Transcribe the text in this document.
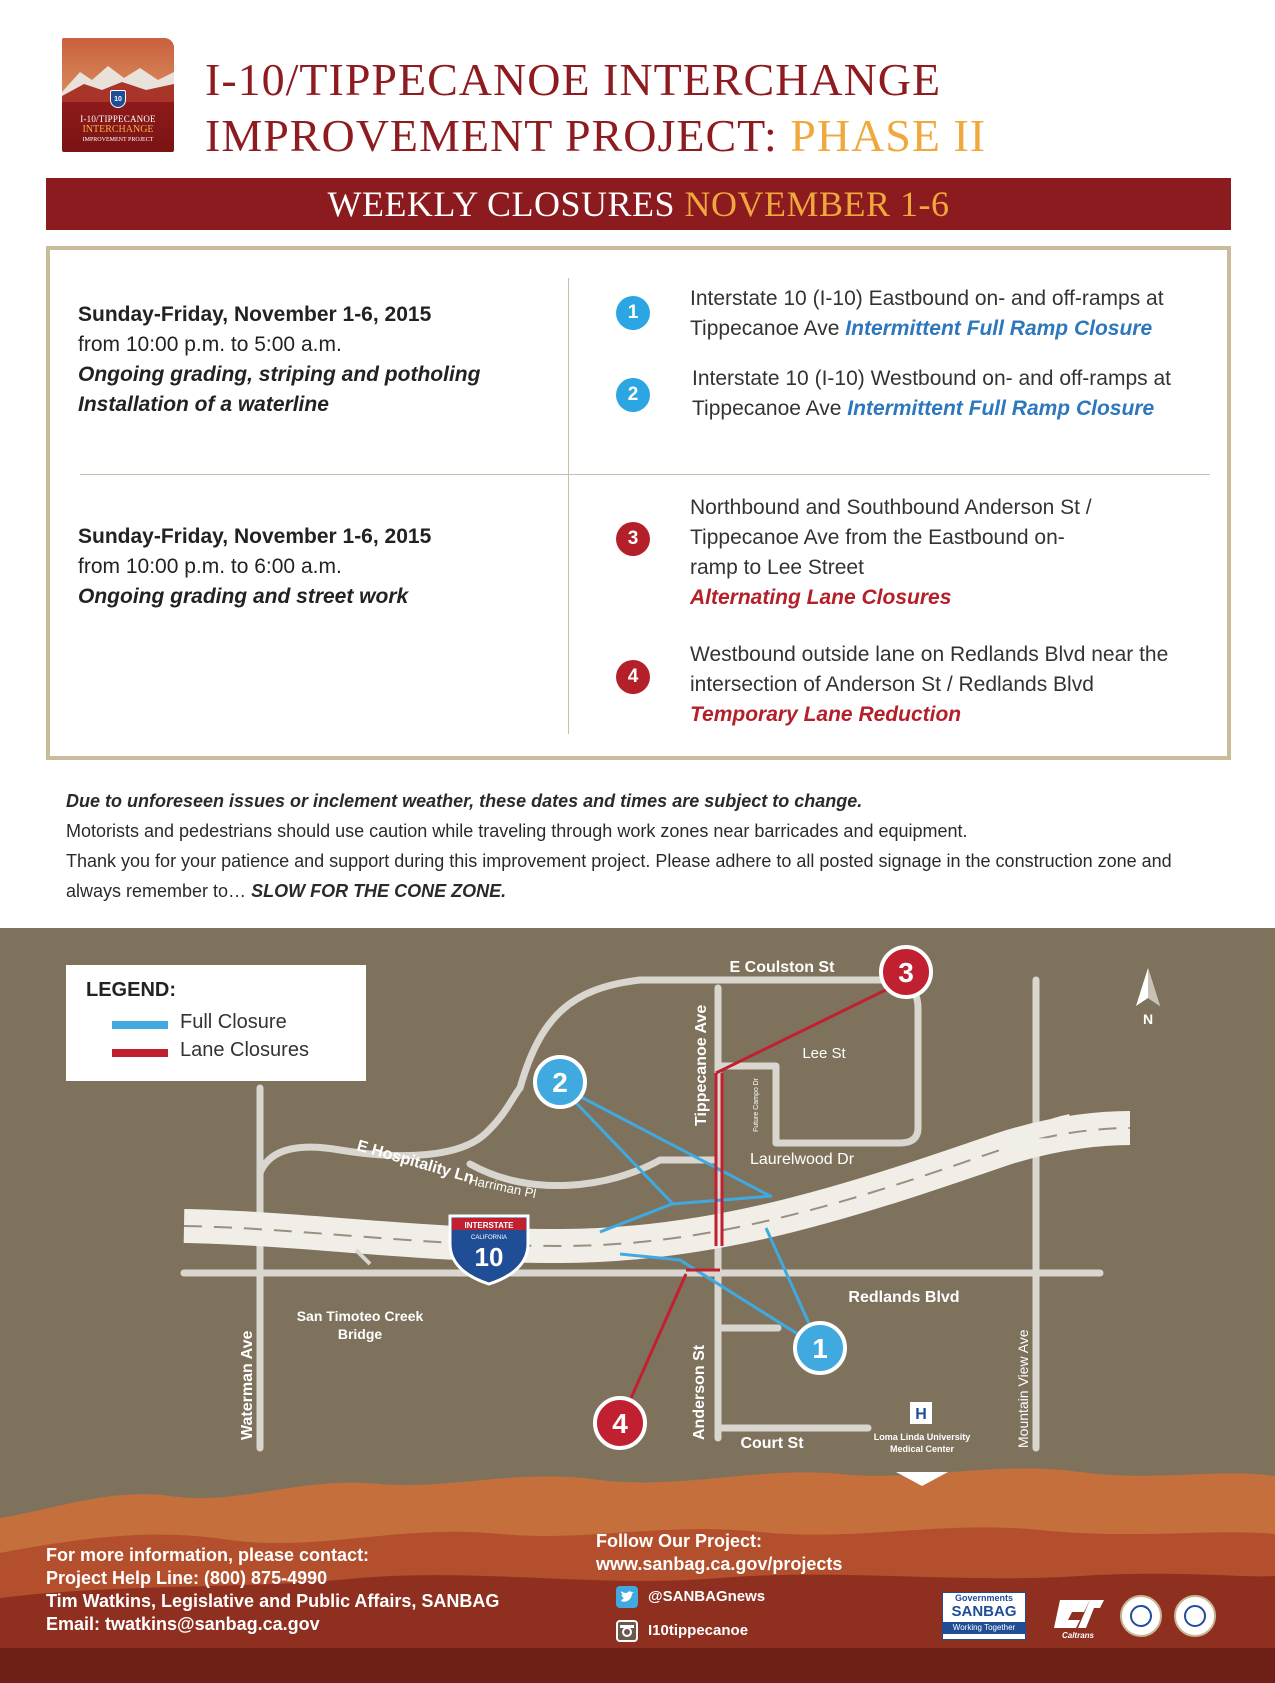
10
I-10/TIPPECANOE
INTERCHANGE
IMPROVEMENT PROJECT
I-10/TIPPECANOE INTERCHANGE
IMPROVEMENT PROJECT: PHASE II
WEEKLY CLOSURES NOVEMBER 1-6
Sunday-Friday, November 1-6, 2015
from 10:00 p.m. to 5:00 a.m.
Ongoing grading, striping and potholing
Installation of a waterline
Sunday-Friday, November 1-6, 2015
from 10:00 p.m. to 6:00 a.m.
Ongoing grading and street work
1
Interstate 10 (I-10) Eastbound on- and off-ramps at Tippecanoe Ave Intermittent Full Ramp Closure
2
Interstate 10 (I-10) Westbound on- and off-ramps at Tippecanoe Ave Intermittent Full Ramp Closure
3
Northbound and Southbound Anderson St / Tippecanoe Ave from the Eastbound on-ramp to Lee Street
Alternating Lane Closures
4
Westbound outside lane on Redlands Blvd near the intersection of Anderson St / Redlands Blvd
Temporary Lane Reduction
Due to unforeseen issues or inclement weather, these dates and times are subject to change.
Motorists and pedestrians should use caution while traveling through work zones near barricades and equipment.
Thank you for your patience and support during this improvement project. Please adhere to all posted signage in the construction zone and always remember to… SLOW FOR THE CONE ZONE.
INTERSTATE
CALIFORNIA
10
H
N
E Coulston St
Lee St
Future Campo Dr
E Hospitality Ln
Harriman Pl
Laurelwood Dr
Redlands Blvd
Tippecanoe Ave
Anderson St
Waterman Ave	Mountain View Ave
Court St
San Timoteo Creek
Bridge
Loma Linda University
Medical Center
1
2
3
4
LEGEND:
Full Closure
Lane Closures
For more information, please contact:
Project Help Line: (800) 875-4990
Tim Watkins, Legislative and Public Affairs, SANBAG
Email: twatkins@sanbag.ca.gov
Follow Our Project:
www.sanbag.ca.gov/projects
@SANBAGnews
I10tippecanoe
Governments
SANBAG
Working Together
Caltrans
